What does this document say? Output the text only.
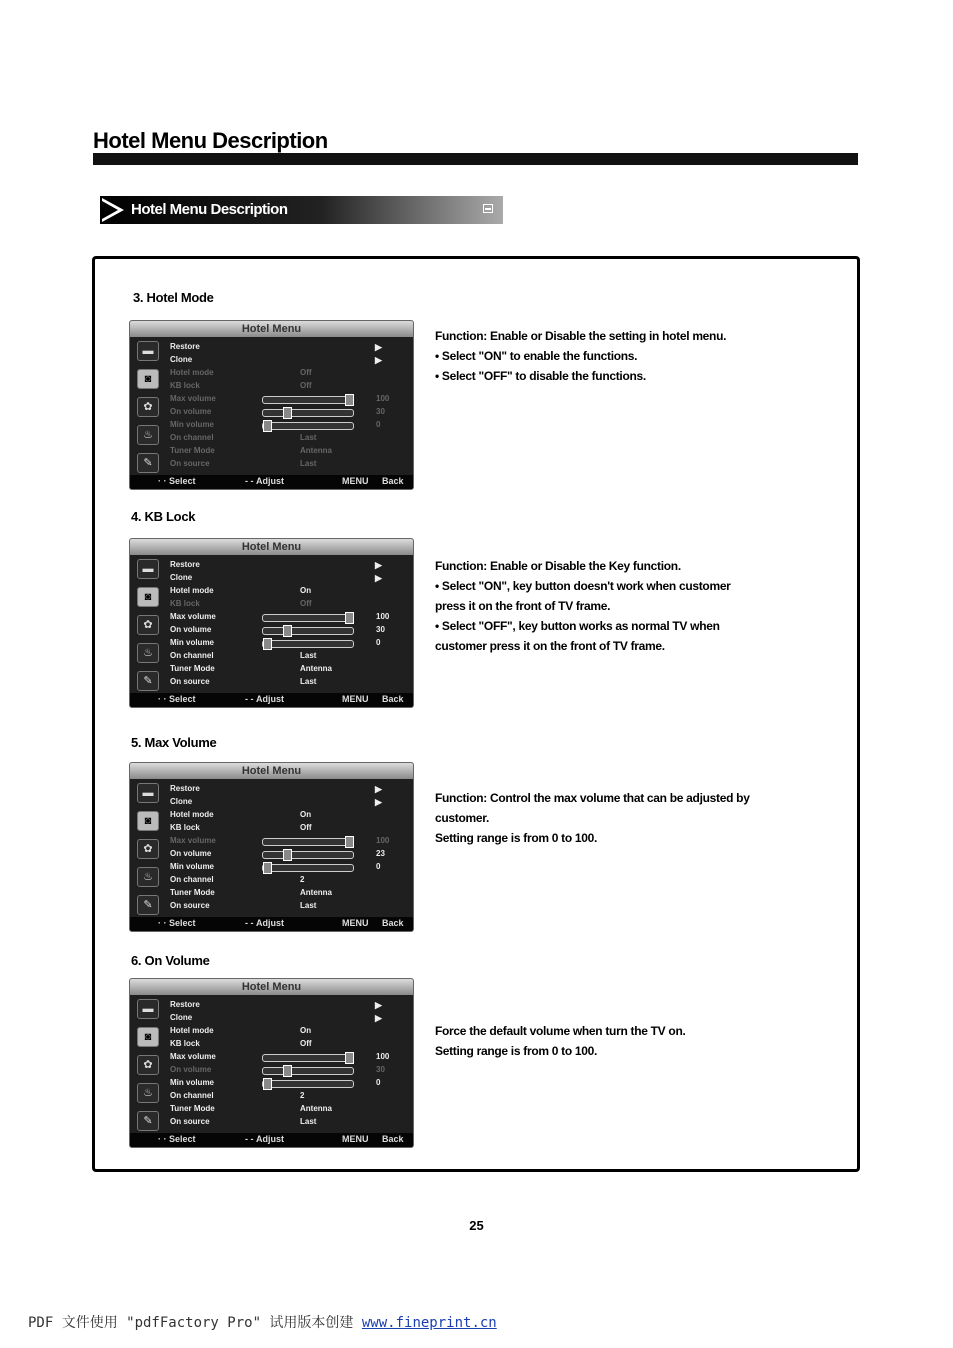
Hotel Menu Description
Hotel Menu Description
3. Hotel Mode
Hotel Menu
▬
◙
✿
♨
✎
Restore	▶
Clone	▶
Hotel mode	Off
KB lock	Off
Max volume	100
On volume	30
Min volume	0
On channel	Last
Tuner Mode	Antenna
On source	Last
· · Select	- - Adjust	MENU Back

Function: Enable or Disable the setting in hotel menu.

• Select "ON" to enable the functions.

• Select "OFF" to disable the functions.

4. KB Lock
Hotel Menu
▬
◙
✿
♨
✎
Restore	▶
Clone	▶
Hotel mode	On
KB lock	Off
Max volume	100
On volume	30
Min volume	0
On channel	Last
Tuner Mode	Antenna
On source	Last
· · Select	- - Adjust	MENU Back

Function: Enable or Disable the Key function.

• Select "ON", key button doesn't work when customer

press it on the front of TV frame.

• Select "OFF", key button works as normal TV when

customer press it on the front of TV frame.

5. Max Volume
Hotel Menu
▬
◙
✿
♨
✎
Restore	▶
Clone	▶
Hotel mode	On
KB lock	Off
Max volume	100
On volume	23
Min volume	0
On channel	2
Tuner Mode	Antenna
On source	Last
· · Select	- - Adjust	MENU Back

Function: Control the max volume that can be adjusted by

customer.

Setting range is from 0 to 100.

6. On Volume
Hotel Menu
▬
◙
✿
♨
✎
Restore	▶
Clone	▶
Hotel mode	On
KB lock	Off
Max volume	100
On volume	30
Min volume	0
On channel	2
Tuner Mode	Antenna
On source	Last
· · Select	- - Adjust	MENU Back

Force the default volume when turn the TV on.

Setting range is from 0 to 100.

25
PDF 文件使用 "pdfFactory Pro" 试用版本创建 www.fineprint.cn
